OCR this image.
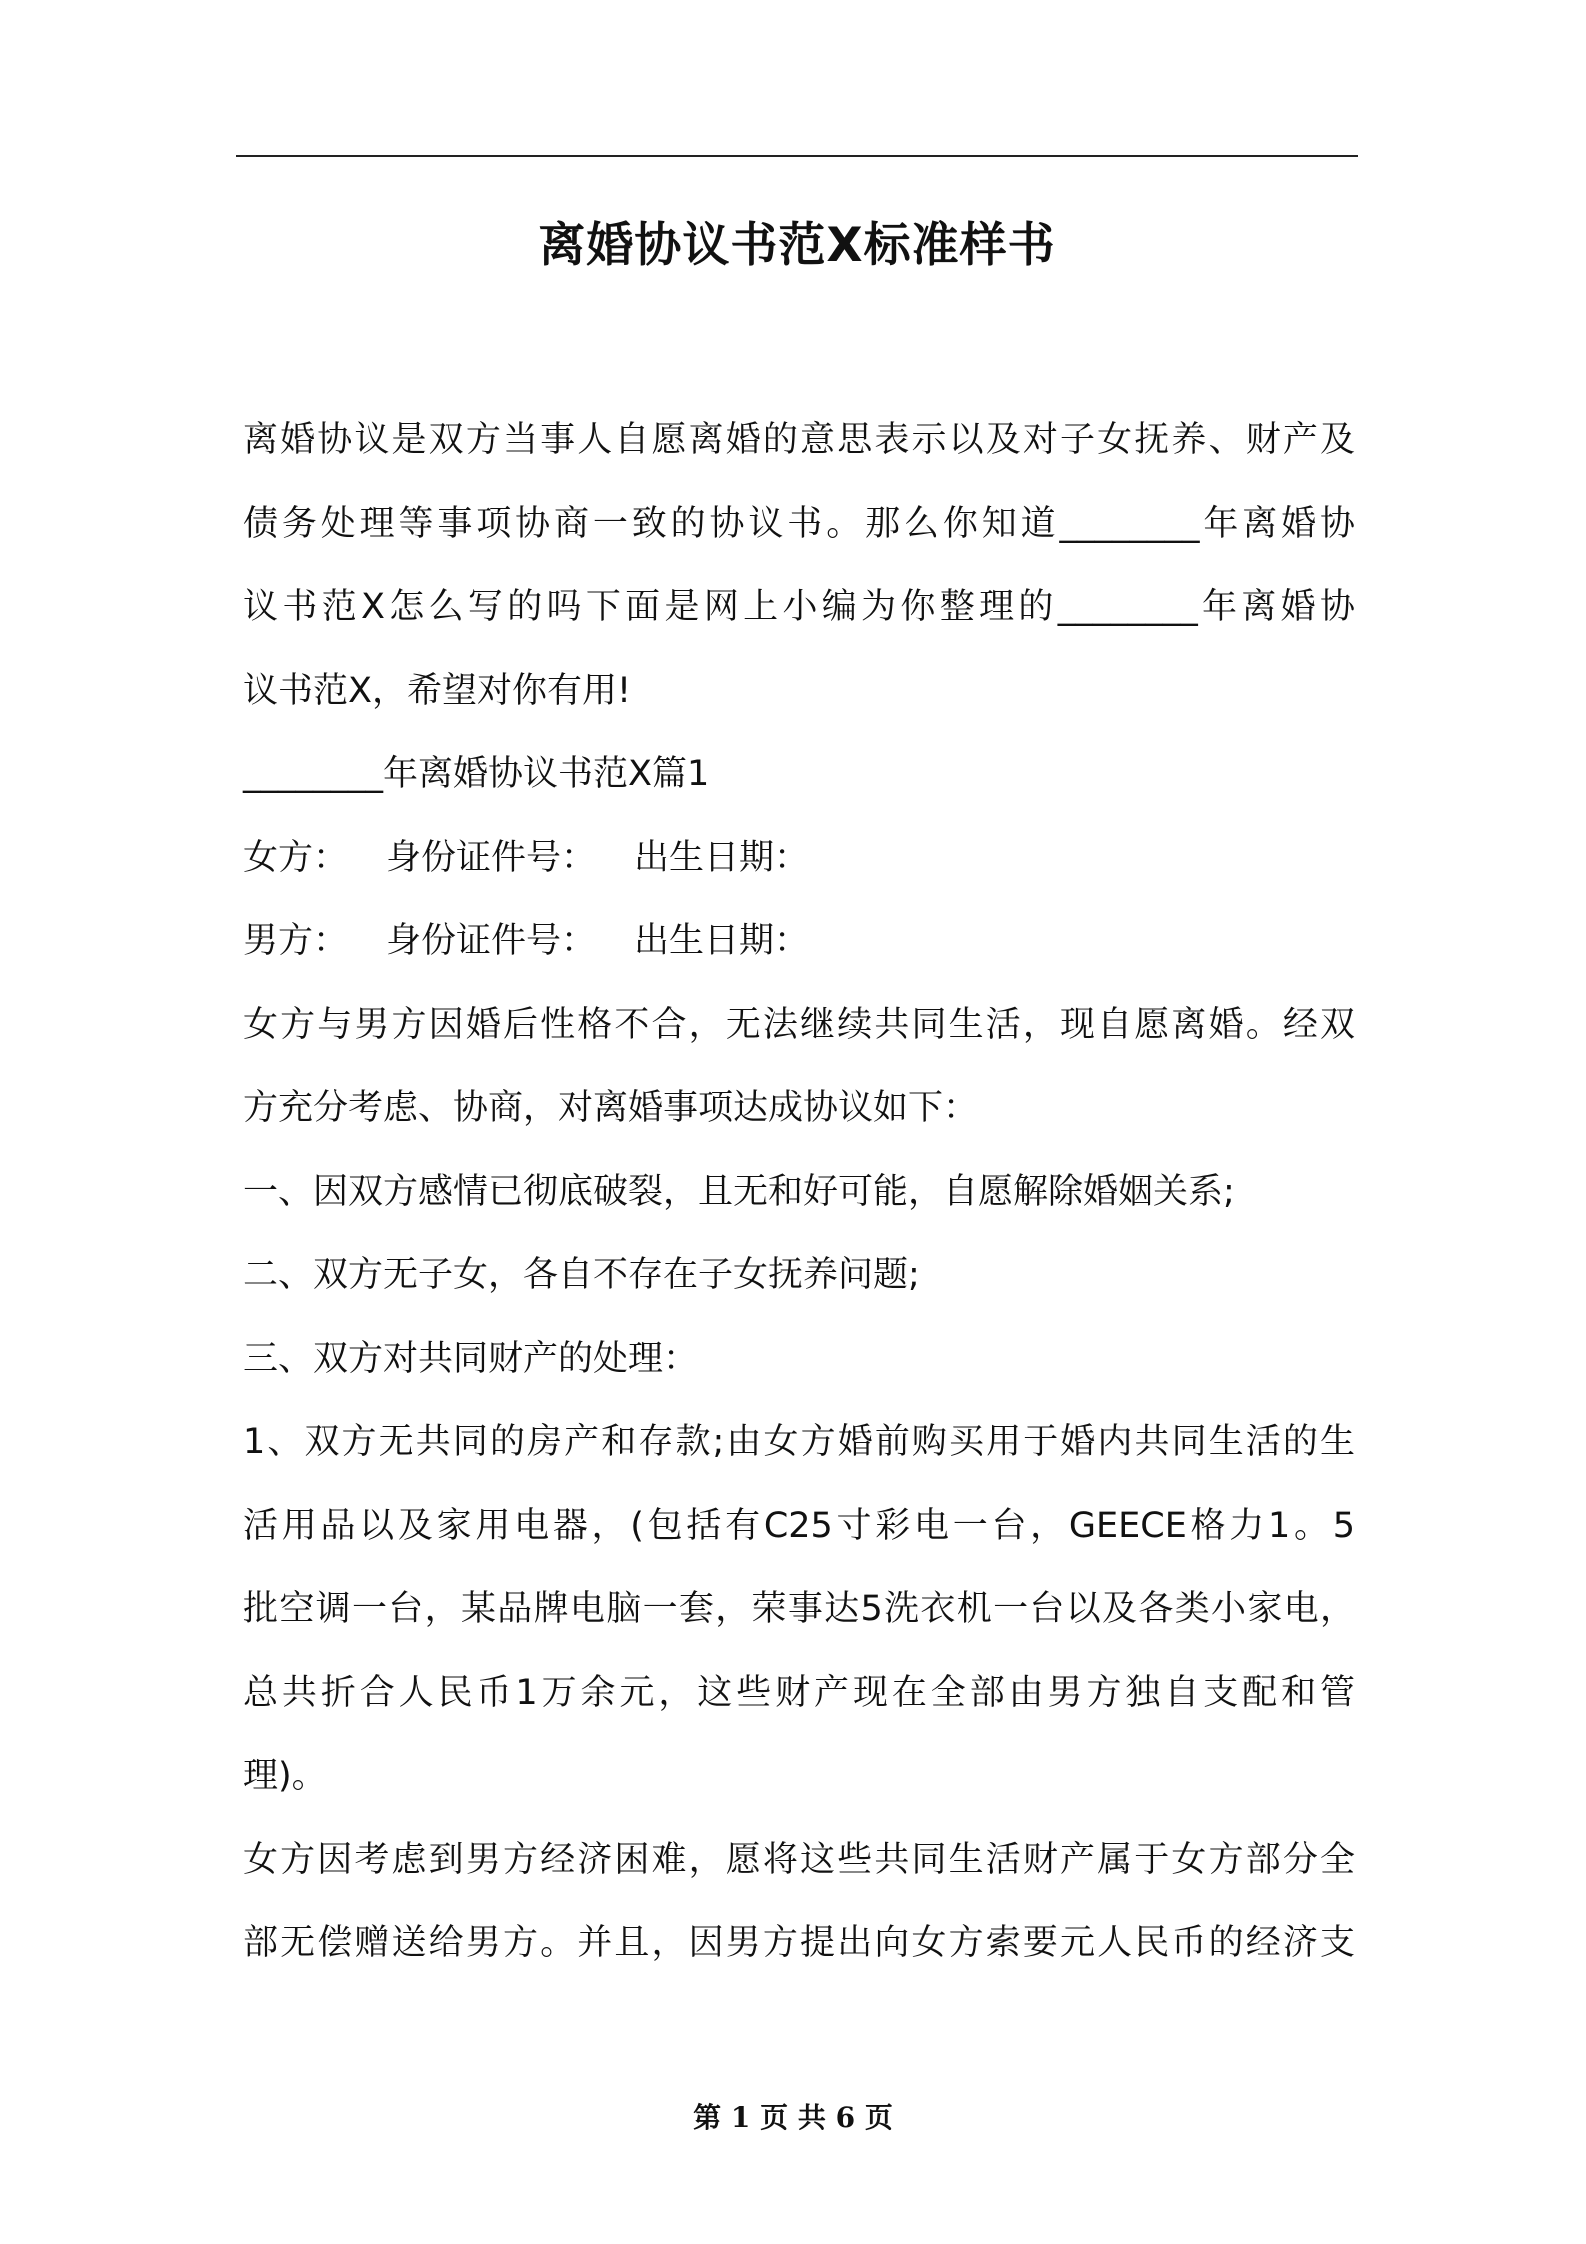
离婚协议书范X标准样书
离婚协议是双方当事人自愿离婚的意思表示以及对子女抚养、财产及
债务处理等事项协商一致的协议书。那么你知道________年离婚协
议书范X怎么写的吗下面是网上小编为你整理的________年离婚协
议书范X，希望对你有用!
________年离婚协议书范X篇1
女方： 身份证件号： 出生日期：
男方： 身份证件号： 出生日期：
女方与男方因婚后性格不合，无法继续共同生活，现自愿离婚。经双
方充分考虑、协商，对离婚事项达成协议如下：
一、因双方感情已彻底破裂，且无和好可能，自愿解除婚姻关系;
二、双方无子女，各自不存在子女抚养问题;
三、双方对共同财产的处理：
1、双方无共同的房产和存款;由女方婚前购买用于婚内共同生活的生
活用品以及家用电器，(包括有C25寸彩电一台，GEECE格力1。5
批空调一台，某品牌电脑一套，荣事达5洗衣机一台以及各类小家电，
总共折合人民币1万余元，这些财产现在全部由男方独自支配和管
理)。
女方因考虑到男方经济困难，愿将这些共同生活财产属于女方部分全
部无偿赠送给男方。并且，因男方提出向女方索要元人民币的经济支
第 1 页 共 6 页
